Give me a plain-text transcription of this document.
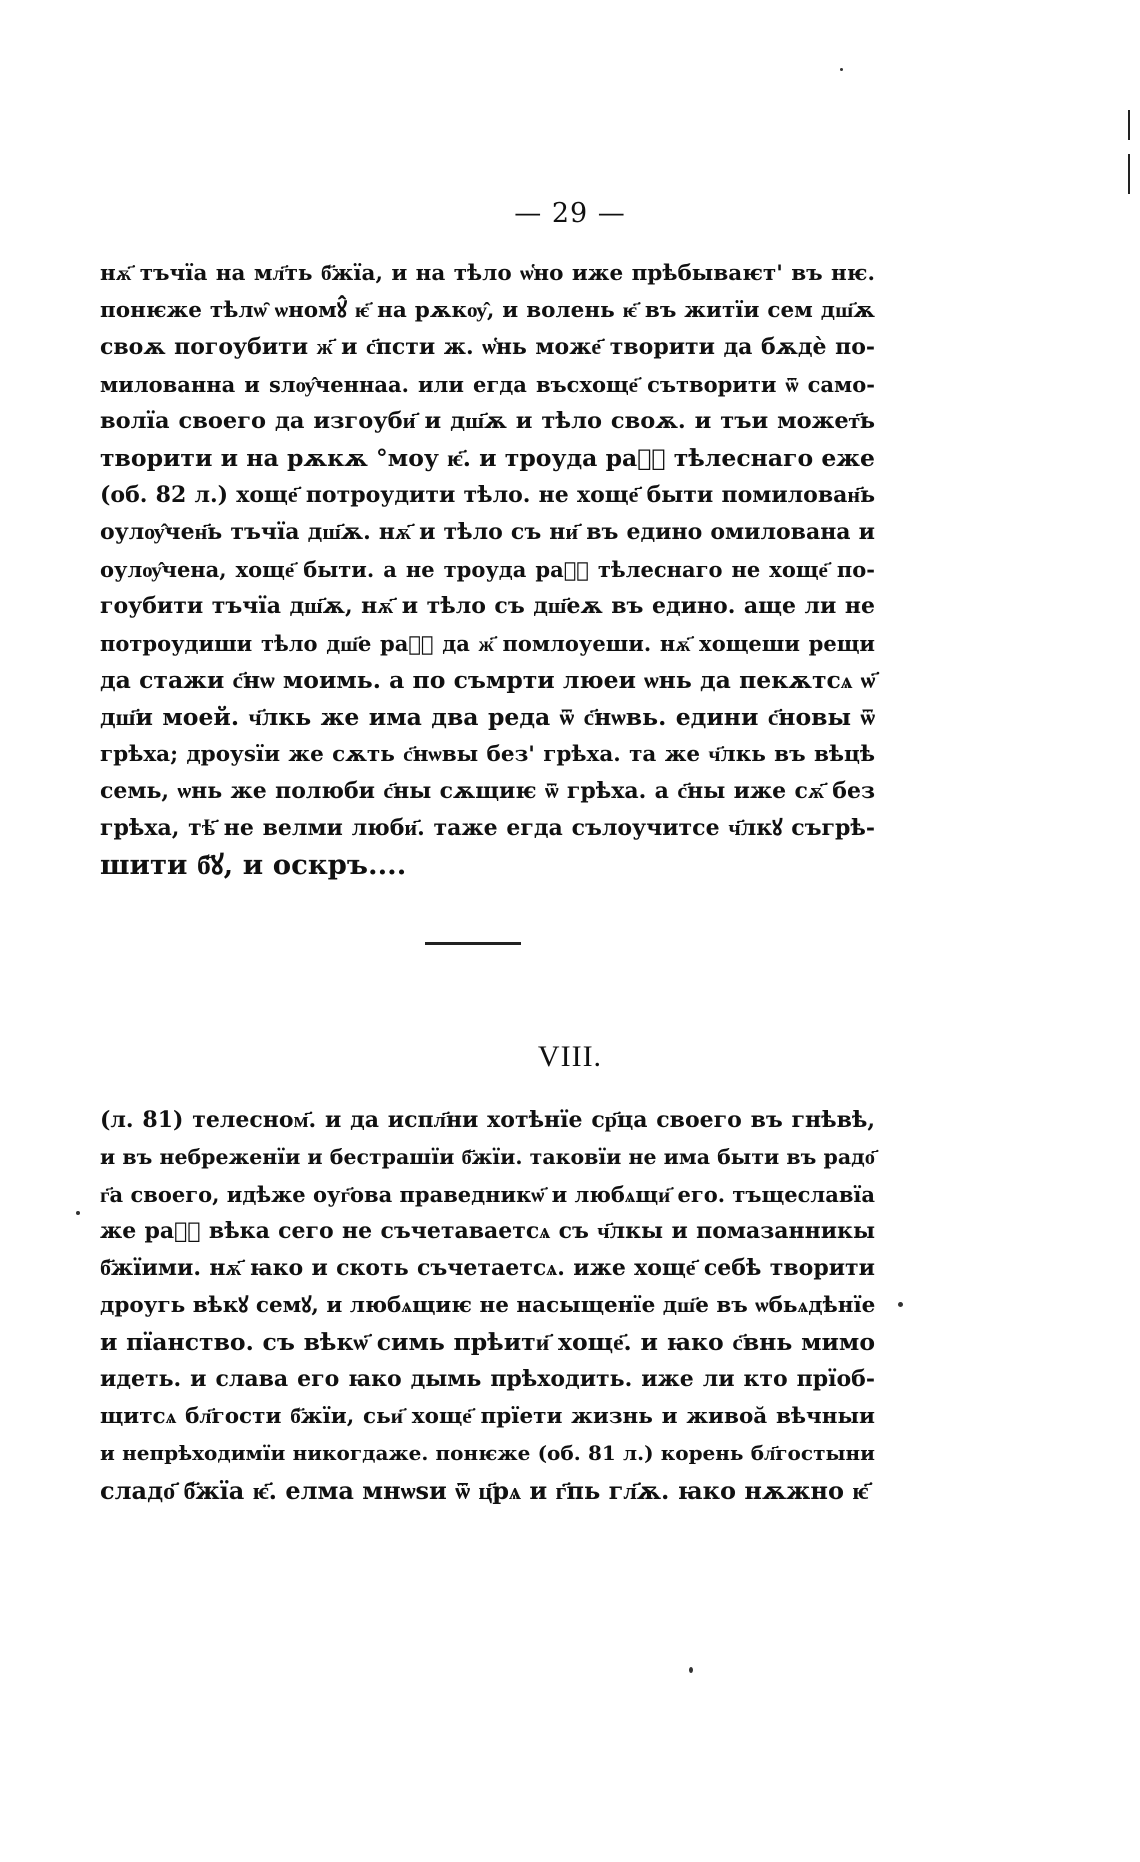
— 29 —
нѫ҃ тъчїа на мл҃ть б҃жїа, и на тѣло ѡ҅но иже прѣбываѥт' въ нѥ.
понѥже тѣлѡ̑ ѡномꙋ̂ ѥ҃ на рѫкѹ̂, и волень ѥ҃ въ житїи сем дш҃ѫ
своѫ погоубити ж҃ и с҃псти ж. ѡ҅нь може҃ творити да бѫдѐ по-
милованна и ѕлѹ̂ченнаа. или егда въсхоще҃ сътворити ѿ само-
волїа своего да изгоуби҃ и дш҃ѫ и тѣло своѫ. и тъи может҃ь
творити и на рѫкѫ °моу ѥ҃. и троуда ра҃ⷯ тѣлеснаго еже
(об. 82 л.) хоще҃ потроудити тѣло. не хоще҃ быти помилован҃ь
оулѹ̂чен҃ь тъчїа дш҃ѫ. нѫ҃ и тѣло съ ни҃ въ едино омилована и
оулѹ̂чена, хоще҃ быти. а не троуда ра҃ⷯ тѣлеснаго не хоще҃ по-
гоубити тъчїа дш҃ѫ, нѫ҃ и тѣло съ дш҃еѫ въ едино. аще ли не
потроудиши тѣло дш҃е ра҃ⷯ да ж҃ помлоуеши. нѫ҃ хощеши рещи
да стажи с҃нѡ моимь. а по съмрти люеи ѡнь да пекѫтсѧ ѡ҃
дш҃и моей. ч҃лкь же има два реда ѿ с҃нѡвь. едини с҃новы ѿ
грѣха; дроуѕїи же сѫть с҃нѡвы без' грѣха. та же ч҃лкь въ вѣцѣ
семь, ѡнь же полюби с҃ны сѫщиѥ ѿ грѣха. а с҃ны иже сѫ҃ без
грѣха, тѣ҃ не велми люби҃. таже егда сълоучитсе ч҃лкꙋ съгрѣ-
шити б҃ꙋ, и оскръ....
VIII.
(л. 81) телесном҃. и да испл҃ни хотѣнїе ср҃ца своего въ гнѣвѣ,
и въ небреженїи и бестрашїи б҃жїи. таковїи не има быти въ радо҃
г҃а своего, идѣже оуг҃ова праведникѡ҃ и любѧщи҃ его. тъщеславїа
же ра҃ⷯ вѣка сего не съчетаваетсѧ съ ч҃лкы и помазанникы
б҃жїими. нѫ҃ ꙗко и скоть съчетаетсѧ. иже хоще҃ себѣ творити
дроугь вѣкꙋ семꙋ, и любѧщиѥ не насыщенїе дш҃е въ ѡбьѧдѣнїе
и пїанство. съ вѣкѡ҃ симь прѣити҃ хоще҃. и ꙗко с҃внь мимо
идеть. и слава его ꙗко дымь прѣходить. иже ли кто прїоб-
щитсѧ бл҃гости б҃жїи, сьи҃ хоще҃ прїети жизнь и живоӑ вѣчныи
и непрѣходимїи никогдаже. понѥже (об. 81 л.) корень бл҃гостыни
сладо҃ б҃жїа ѥ҃. елма мнѡѕи ѿ ц҃рѧ и г҃пь гл҃ѫ. ꙗко нѫжно ѥ҃
